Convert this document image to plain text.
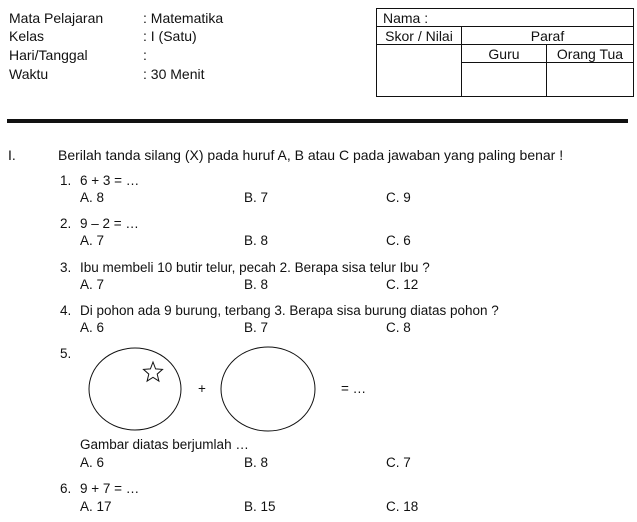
Mata Pelajaran	: Matematika
Kelas	: I (Satu)
Hari/Tanggal	:
Waktu	: 30 Menit
Nama :		
Skor / Nilai	Paraf	
	Guru	Orang Tua

I.	Berilah tanda silang (X) pada huruf A, B atau C pada jawaban yang paling benar !
1. 6 + 3 = …
A. 8	B. 7	C. 9
2. 9 – 2 = …
A. 7	B. 8	C. 6
3. Ibu membeli 10 butir telur, pecah 2. Berapa sisa telur Ibu ?
A. 7	B. 8	C. 12
4. Di pohon ada 9 burung, terbang 3. Berapa sisa burung diatas pohon ?
A. 6	B. 7	C. 8
5.
+	= …
Gambar diatas berjumlah …
A. 6	B. 8	C. 7
6. 9 + 7 = …
A. 17	B. 15	C. 18
